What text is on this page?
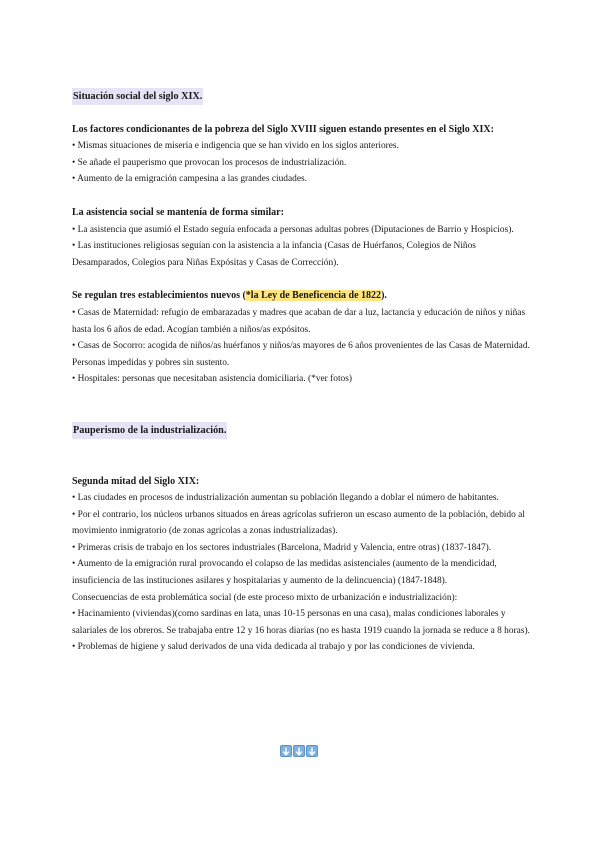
Situación social del siglo XIX.

Los factores condicionantes de la pobreza del Siglo XVIII siguen estando presentes en el Siglo XIX:

• Mismas situaciones de miseria e indigencia que se han vivido en los siglos anteriores.

• Se añade el pauperismo que provocan los procesos de industrialización.

• Aumento de la emigración campesina a las grandes ciudades.

La asistencia social se mantenía de forma similar:

• La asistencia que asumió el Estado seguía enfocada a personas adultas pobres (Diputaciones de Barrio y Hospicios).

• Las instituciones religiosas seguían con la asistencia a la infancia (Casas de Huérfanos, Colegios de Niños Desamparados, Colegios para Niñas Expósitas y Casas de Corrección).

Se regulan tres establecimientos nuevos (*la Ley de Beneficencia de 1822).

• Casas de Maternidad: refugio de embarazadas y madres que acaban de dar a luz, lactancia y educación de niños y niñas hasta los 6 años de edad. Acogían también a niños/as expósitos.

• Casas de Socorro: acogida de niños/as huérfanos y niños/as mayores de 6 años provenientes de las Casas de Maternidad. Personas impedidas y pobres sin sustento.

• Hospitales: personas que necesitaban asistencia domiciliaria. (*ver fotos)

Pauperismo de la industrialización.

Segunda mitad del Siglo XIX:

• Las ciudades en procesos de industrialización aumentan su población llegando a doblar el número de habitantes.

• Por el contrario, los núcleos urbanos situados en áreas agrícolas sufrieron un escaso aumento de la población, debido al movimiento inmigratorio (de zonas agrícolas a zonas industrializadas).

• Primeras crisis de trabajo en los sectores industriales (Barcelona, Madrid y Valencia, entre otras) (1837-1847).

• Aumento de la emigración rural provocando el colapso de las medidas asistenciales (aumento de la mendicidad, insuficiencia de las instituciones asilares y hospitalarias y aumento de la delincuencia) (1847-1848).

Consecuencias de esta problemática social (de este proceso mixto de urbanización e industrialización):

• Hacinamiento (viviendas)(como sardinas en lata, unas 10-15 personas en una casa), malas condiciones laborales y salariales de los obreros. Se trabajaba entre 12 y 16 horas diarias (no es hasta 1919 cuando la jornada se reduce a 8 horas).

• Problemas de higiene y salud derivados de una vida dedicada al trabajo y por las condiciones de vivienda.
